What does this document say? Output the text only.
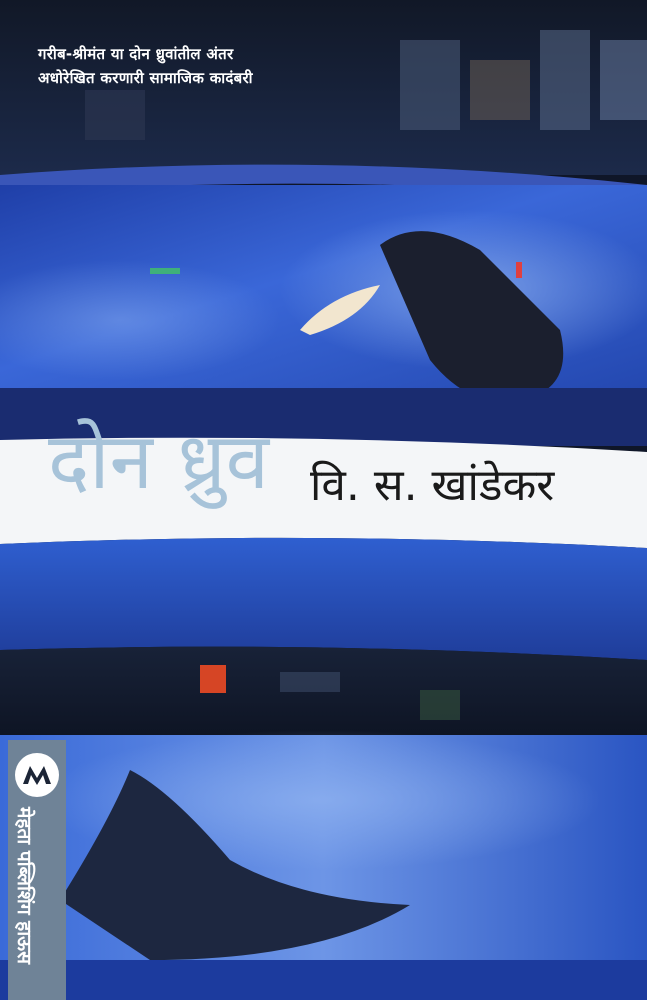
गरीब-श्रीमंत या दोन ध्रुवांतील अंतर
अधोरेखित करणारी सामाजिक कादंबरी

दोन ध्रुव वि. स. खांडेकर
मेहता पब्लिशिंग हाऊस
